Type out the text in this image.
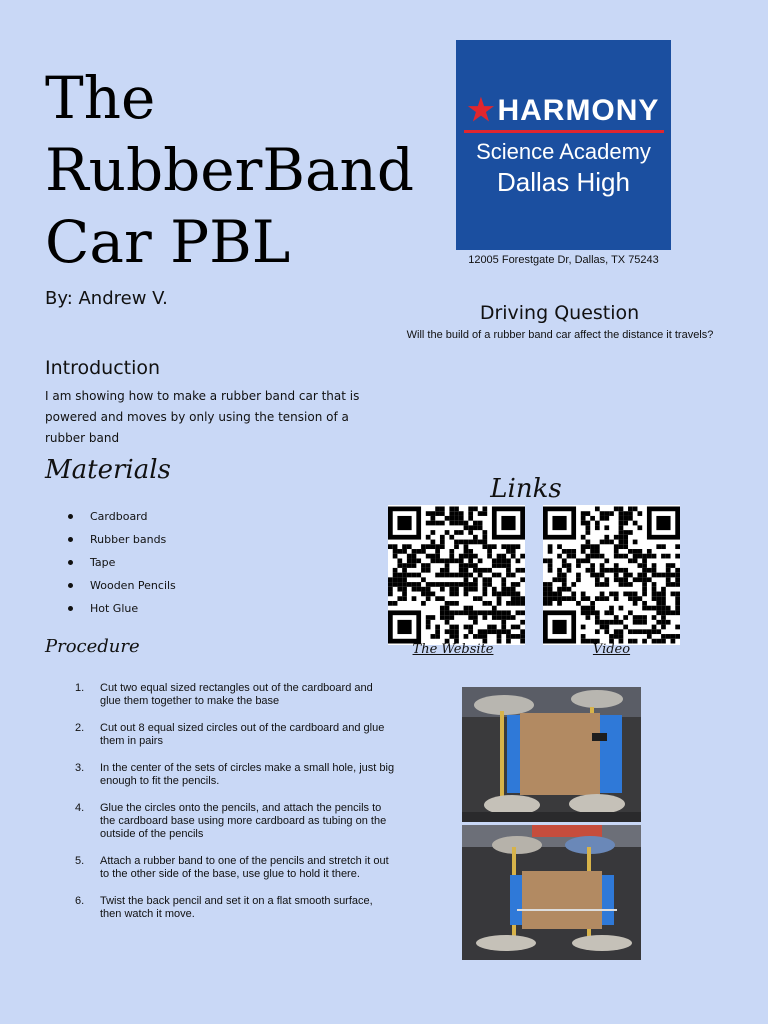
The
RubberBand
Car PBL
By: Andrew V.
Introduction
I am showing how to make a rubber band car that is powered and moves by only using the tension of a rubber band
Materials
Cardboard
Rubber bands
Tape
Wooden Pencils
Hot Glue
Procedure
1.	Cut two equal sized rectangles out of the cardboard and glue them together to make the base
2.	Cut out 8 equal sized circles out of the cardboard and glue them in pairs
3.	In the center of the sets of circles make a small hole, just big enough to fit the pencils.
4.	Glue the circles onto the pencils, and attach the pencils to the cardboard base using more cardboard as tubing on the outside of the pencils
5.	Attach a rubber band to one of the pencils and stretch it out to the other side of the base, use glue to hold it there.
6.	Twist the back pencil and set it on a flat smooth surface, then watch it move.
★HARMONY
Science Academy
Dallas High
12005 Forestgate Dr, Dallas, TX 75243
Driving Question
Will the build of a rubber band car affect the distance it travels?
Links
The Website	Video
